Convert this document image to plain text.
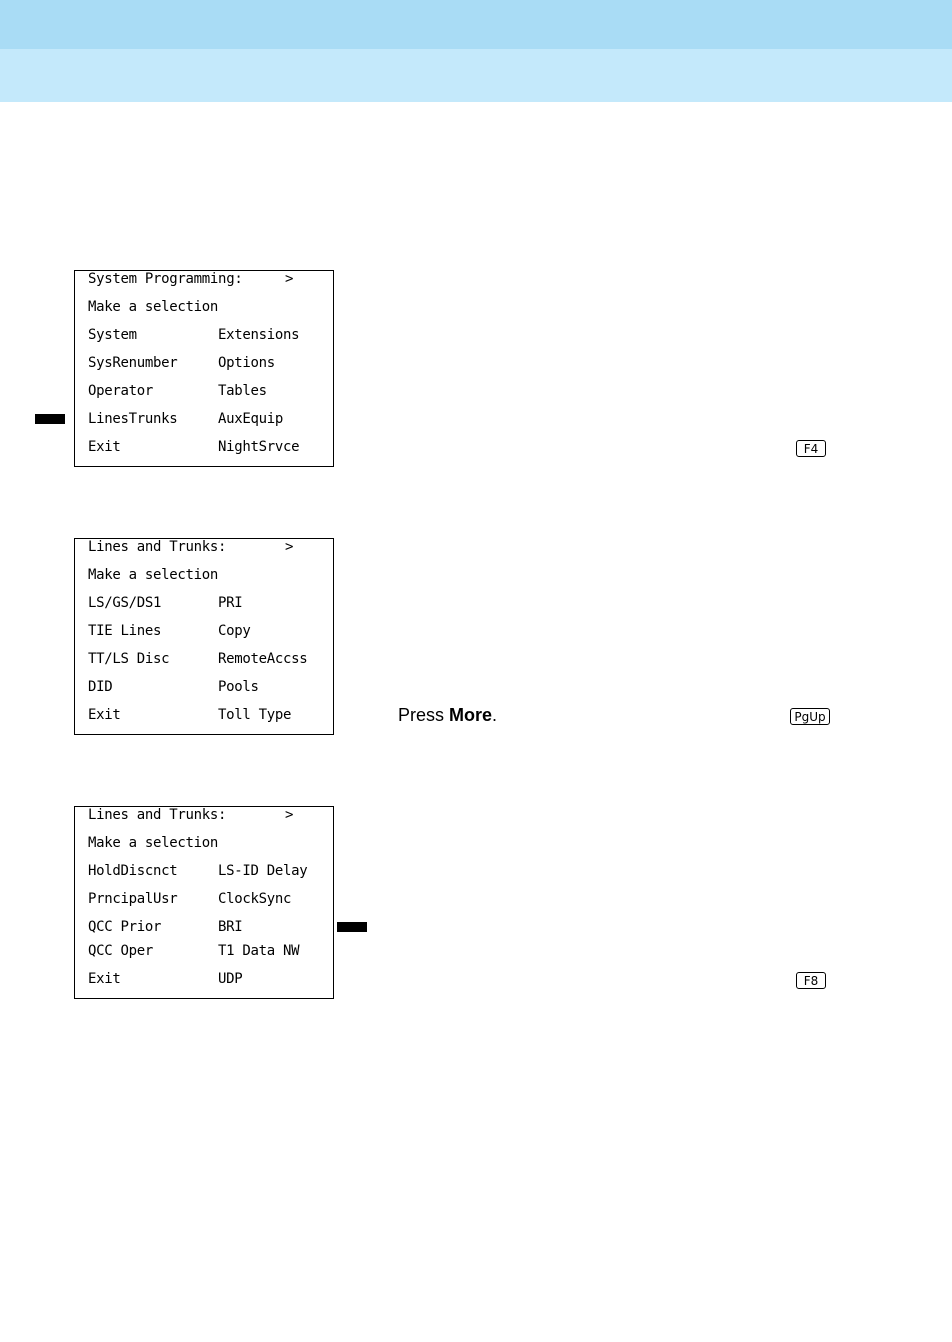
System Programming:	>
Make a selection
System	Extensions
SysRenumber	Options
Operator	Tables
LinesTrunks	AuxEquip
Exit	NightSrvce	F4
Lines and Trunks:	>
Make a selection
LS/GS/DS1	PRI
TIE Lines	Copy
TT/LS Disc	RemoteAccss
DID	Pools
Exit	Toll Type	Press More.	PgUp
Lines and Trunks:	>
Make a selection
HoldDiscnct	LS-ID Delay
PrncipalUsr	ClockSync
QCC Prior	BRI
QCC Oper	T1 Data NW
Exit	UDP	F8
